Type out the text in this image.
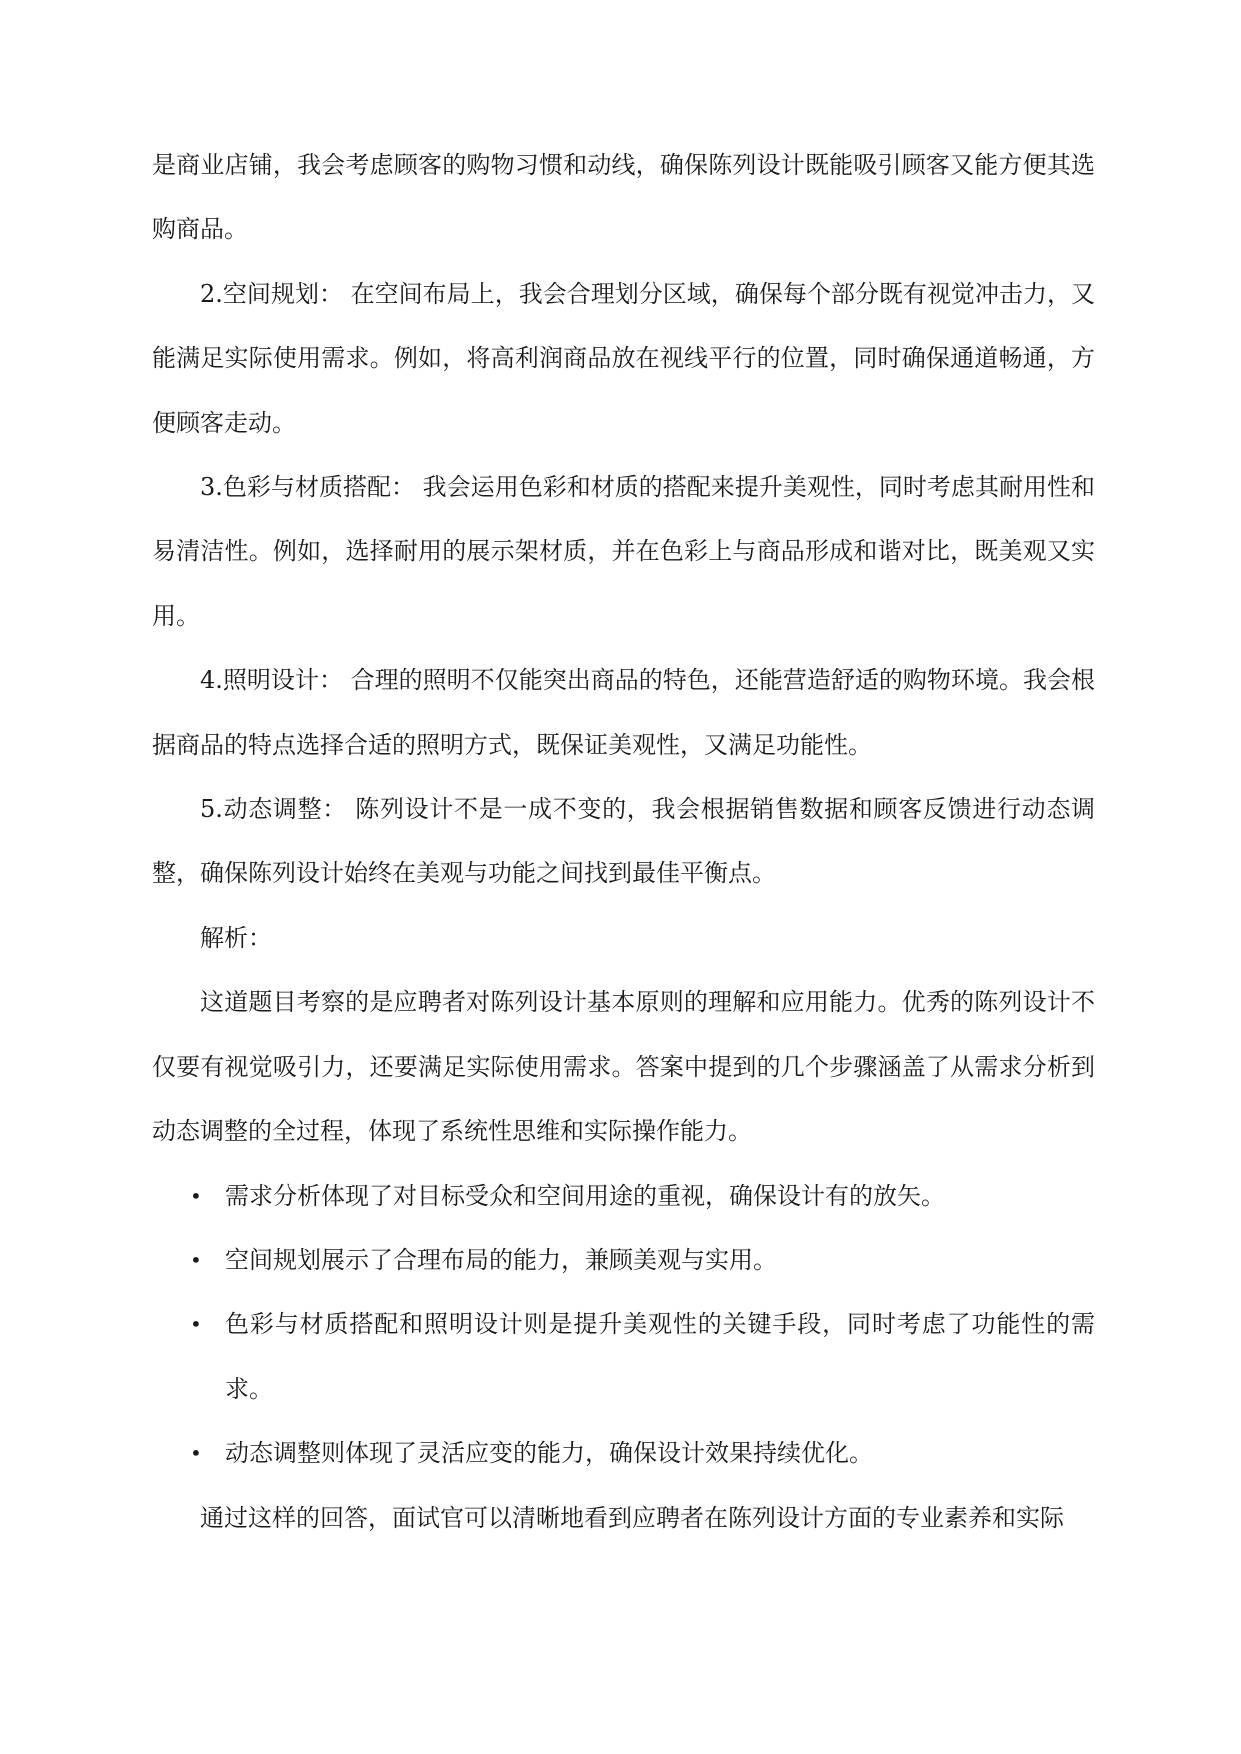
是商业店铺，我会考虑顾客的购物习惯和动线，确保陈列设计既能吸引顾客又能方便其选购商品。

2.空间规划： 在空间布局上，我会合理划分区域，确保每个部分既有视觉冲击力，又能满足实际使用需求。例如，将高利润商品放在视线平行的位置，同时确保通道畅通，方便顾客走动。

3.色彩与材质搭配： 我会运用色彩和材质的搭配来提升美观性，同时考虑其耐用性和易清洁性。例如，选择耐用的展示架材质，并在色彩上与商品形成和谐对比，既美观又实用。

4.照明设计： 合理的照明不仅能突出商品的特色，还能营造舒适的购物环境。我会根据商品的特点选择合适的照明方式，既保证美观性，又满足功能性。

5.动态调整： 陈列设计不是一成不变的，我会根据销售数据和顾客反馈进行动态调整，确保陈列设计始终在美观与功能之间找到最佳平衡点。

解析：

这道题目考察的是应聘者对陈列设计基本原则的理解和应用能力。优秀的陈列设计不仅要有视觉吸引力，还要满足实际使用需求。答案中提到的几个步骤涵盖了从需求分析到动态调整的全过程，体现了系统性思维和实际操作能力。

• 需求分析体现了对目标受众和空间用途的重视，确保设计有的放矢。
• 空间规划展示了合理布局的能力，兼顾美观与实用。
• 色彩与材质搭配和照明设计则是提升美观性的关键手段，同时考虑了功能性的需求。
• 动态调整则体现了灵活应变的能力，确保设计效果持续优化。

通过这样的回答，面试官可以清晰地看到应聘者在陈列设计方面的专业素养和实际
